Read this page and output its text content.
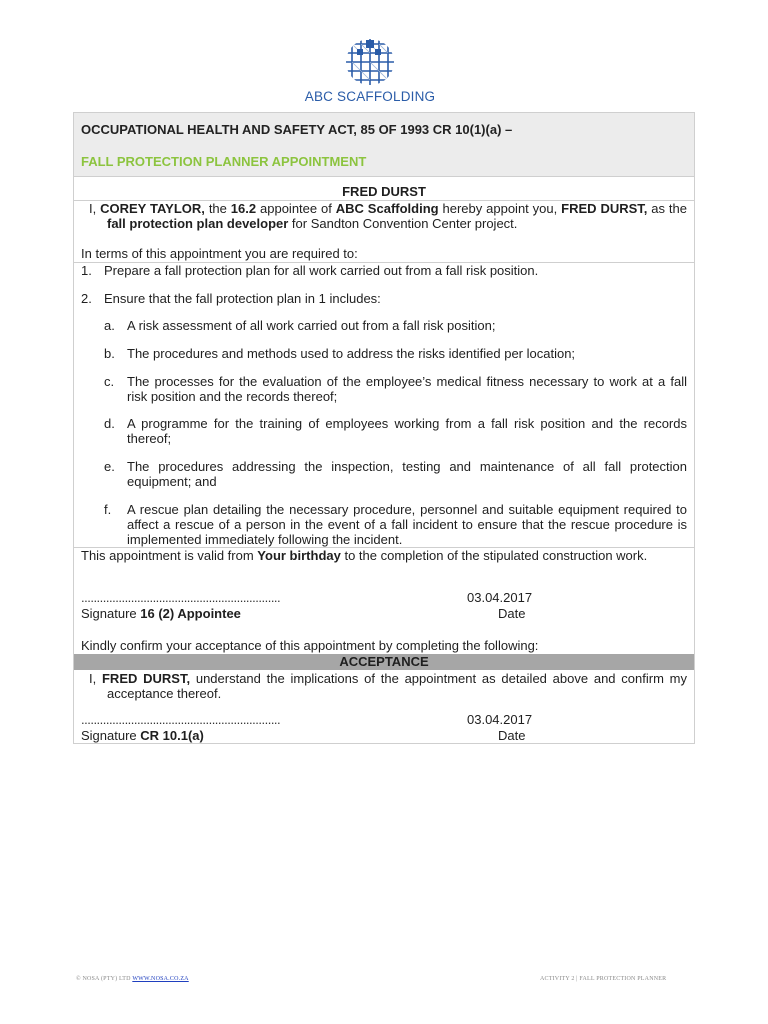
ABC SCAFFOLDING
OCCUPATIONAL HEALTH AND SAFETY ACT, 85 OF 1993 CR 10(1)(a) –
FALL PROTECTION PLANNER APPOINTMENT
FRED DURST
I, COREY TAYLOR, the 16.2 appointee of ABC Scaffolding hereby appoint you, FRED DURST, as the fall protection plan developer for Sandton Convention Center project.
In terms of this appointment you are required to:
1. Prepare a fall protection plan for all work carried out from a fall risk position.
2. Ensure that the fall protection plan in 1 includes:
a. A risk assessment of all work carried out from a fall risk position;
b. The procedures and methods used to address the risks identified per location;
c. The processes for the evaluation of the employee’s medical fitness necessary to work at a fall risk position and the records thereof;
d. A programme for the training of employees working from a fall risk position and the records thereof;
e. The procedures addressing the inspection, testing and maintenance of all fall protection equipment; and
f. A rescue plan detailing the necessary procedure, personnel and suitable equipment required to affect a rescue of a person in the event of a fall incident to ensure that the rescue procedure is implemented immediately following the incident.
This appointment is valid from Your birthday to the completion of the stipulated construction work.
................................................................	03.04.2017
Signature 16 (2) Appointee	Date
Kindly confirm your acceptance of this appointment by completing the following:
ACCEPTANCE
I, FRED DURST, understand the implications of the appointment as detailed above and confirm my acceptance thereof.
................................................................	03.04.2017
Signature CR 10.1(a)	Date
© NOSA (PTY) LTD WWW.NOSA.CO.ZA	ACTIVITY 2 | FALL PROTECTION PLANNER
